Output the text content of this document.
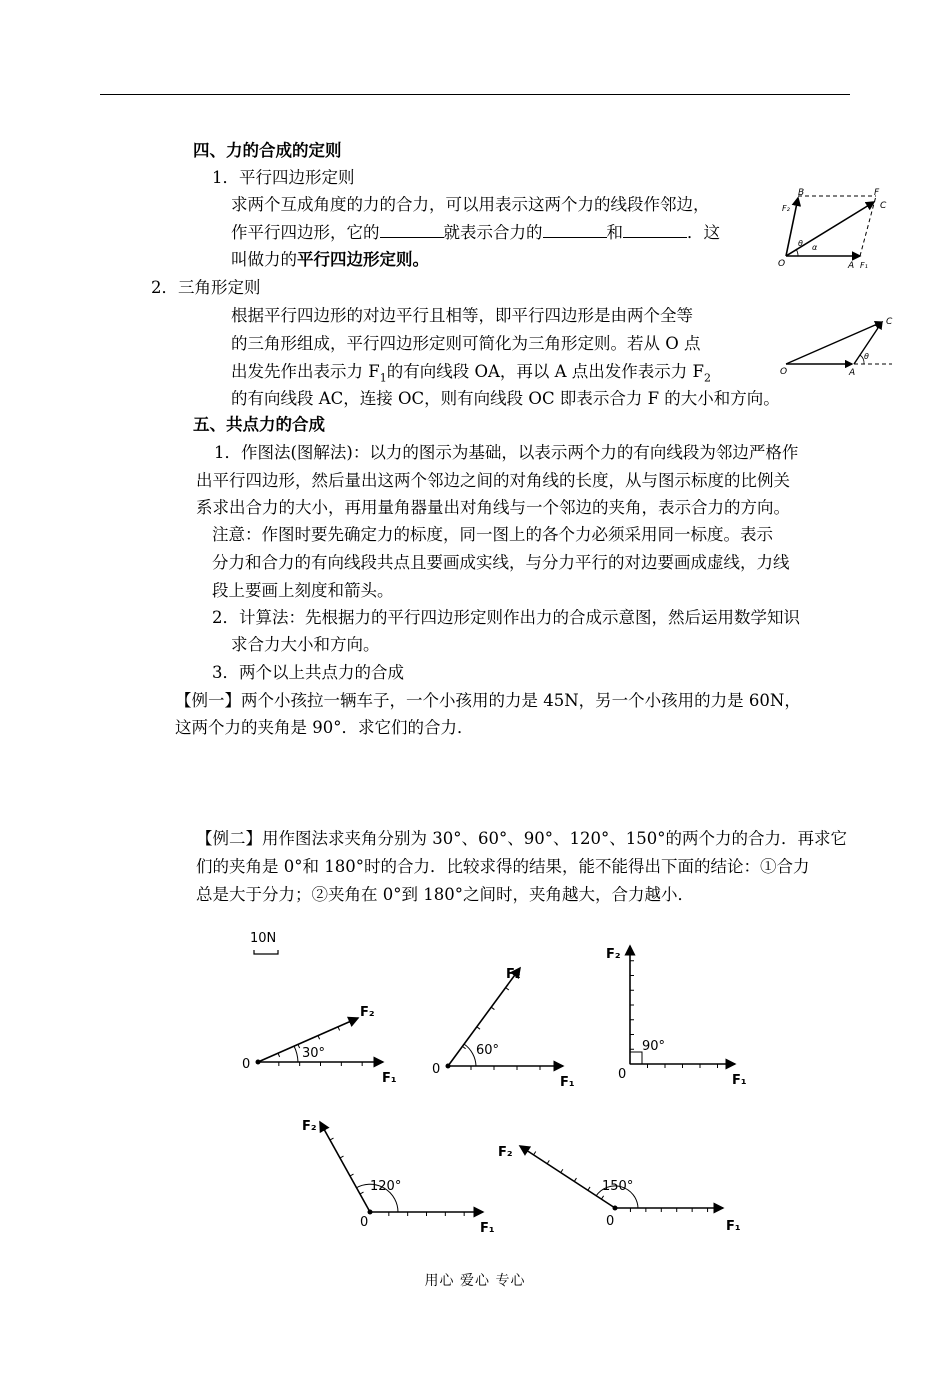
四、力的合成的定则
1．平行四边形定则
求两个互成角度的力的合力，可以用表示这两个力的线段作邻边，
作平行四边形，它的	就表示合力的	和	．这
叫做力的平行四边形定则。	O	A F₁
B	F
F₂	C
θ α
2．三角形定则
根据平行四边形的对边平行且相等，即平行四边形是由两个全等
的三角形组成，平行四边形定则可简化为三角形定则。若从 O 点
出发先作出表示力 $F_1$的有向线段 OA，再以 A 点出发作表示力 $F_2$
的有向线段 AC，连接 OC，则有向线段 OC 即表示合力 F 的大小和方向。
O	A
C
θ
五、共点力的合成
1．作图法(图解法)：以力的图示为基础，以表示两个力的有向线段为邻边严格作
出平行四边形，然后量出这两个邻边之间的对角线的长度，从与图示标度的比例关
系求出合力的大小，再用量角器量出对角线与一个邻边的夹角，表示合力的方向。
注意：作图时要先确定力的标度，同一图上的各个力必须采用同一标度。表示
分力和合力的有向线段共点且要画成实线，与分力平行的对边要画成虚线，力线
段上要画上刻度和箭头。
2．计算法：先根据力的平行四边形定则作出力的合成示意图，然后运用数学知识
求合力大小和方向。
3．两个以上共点力的合成
【例一】两个小孩拉一辆车子，一个小孩用的力是 45N，另一个小孩用的力是 60N，
这两个力的夹角是 90°．求它们的合力．
【例二】用作图法求夹角分别为 30°、60°、90°、120°、150°的两个力的合力．再求它
们的夹角是 0°和 180°时的合力．比较求得的结果，能不能得出下面的结论：①合力
总是大于分力；②夹角在 0°到 180°之间时，夹角越大，合力越小．
10N
30°
0
F₁
F₂
60°
0
F₁
F₂
90°
0	F₁
F₂
120°
0	F₁
F₂
150°
0	F₁
F₂
用心 爱心 专心
